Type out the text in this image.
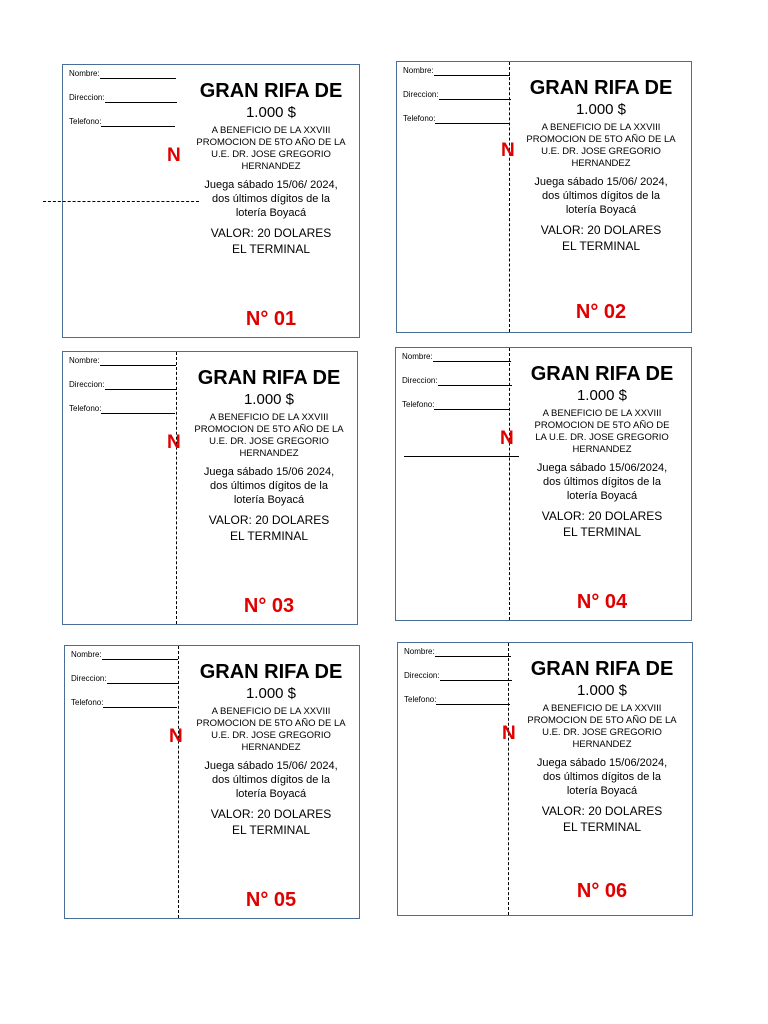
Nombre:
Direccion:
Telefono:
N
GRAN RIFA DE
1.000 $
A BENEFICIO DE LA XXVIII
PROMOCION DE 5TO AÑO DE LA
U.E. DR. JOSE GREGORIO
HERNANDEZ
Juega sábado 15/06/ 2024,
dos últimos dígitos de la
lotería Boyacá
VALOR: 20 DOLARES
EL TERMINAL
N° 01
Nombre:
Direccion:
Telefono:
N
GRAN RIFA DE
1.000 $
A BENEFICIO DE LA XXVIII
PROMOCION DE 5TO AÑO DE LA
U.E. DR. JOSE GREGORIO
HERNANDEZ
Juega sábado 15/06/ 2024,
dos últimos dígitos de la
lotería Boyacá
VALOR: 20 DOLARES
EL TERMINAL
N° 02
Nombre:
Direccion:
Telefono:
N
GRAN RIFA DE
1.000 $
A BENEFICIO DE LA XXVIII
PROMOCION DE 5TO AÑO DE LA
U.E. DR. JOSE GREGORIO
HERNANDEZ
Juega sábado 15/06 2024,
dos últimos dígitos de la
lotería Boyacá
VALOR: 20 DOLARES
EL TERMINAL
N° 03
Nombre:
Direccion:
Telefono:
N
GRAN RIFA DE
1.000 $
A BENEFICIO DE LA XXVIII
PROMOCION DE 5TO AÑO DE
LA U.E. DR. JOSE GREGORIO
HERNANDEZ
Juega sábado 15/06/2024,
dos últimos dígitos de la
lotería Boyacá
VALOR: 20 DOLARES
EL TERMINAL
N° 04
Nombre:
Direccion:
Telefono:
N
GRAN RIFA DE
1.000 $
A BENEFICIO DE LA XXVIII
PROMOCION DE 5TO AÑO DE LA
U.E. DR. JOSE GREGORIO
HERNANDEZ
Juega sábado 15/06/ 2024,
dos últimos dígitos de la
lotería Boyacá
VALOR: 20 DOLARES
EL TERMINAL
N° 05
Nombre:
Direccion:
Telefono:
N
GRAN RIFA DE
1.000 $
A BENEFICIO DE LA XXVIII
PROMOCION DE 5TO AÑO DE LA
U.E. DR. JOSE GREGORIO
HERNANDEZ
Juega sábado 15/06/2024,
dos últimos dígitos de la
lotería Boyacá
VALOR: 20 DOLARES
EL TERMINAL
N° 06
